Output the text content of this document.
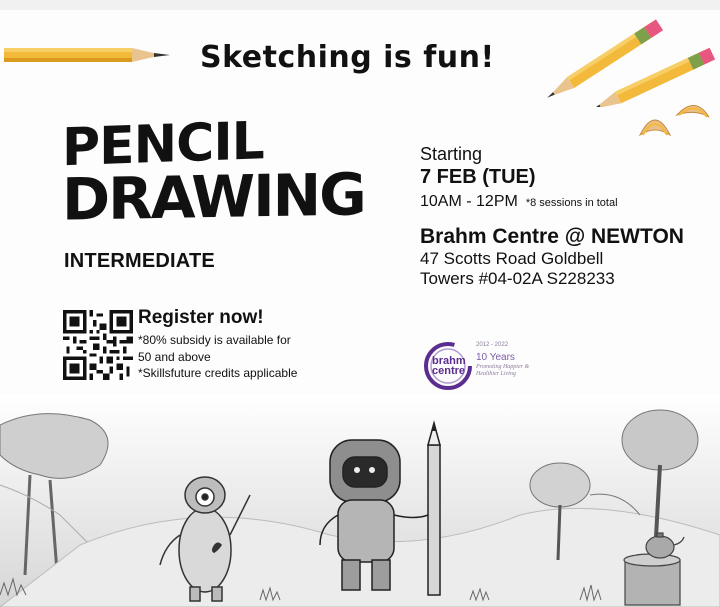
Sketching is fun!
PENCIL
DRAWING
INTERMEDIATE
Starting
7 FEB (TUE)
10AM - 12PM *8 sessions in total
Brahm Centre @ NEWTON
47 Scotts Road Goldbell
Towers #04-02A S228233
Register now!
*80% subsidy is available for
50 and above
*Skillsfuture credits applicable
brahm
centre
2012 - 2022
10 Years
Promoting Happier & Healthier Living
